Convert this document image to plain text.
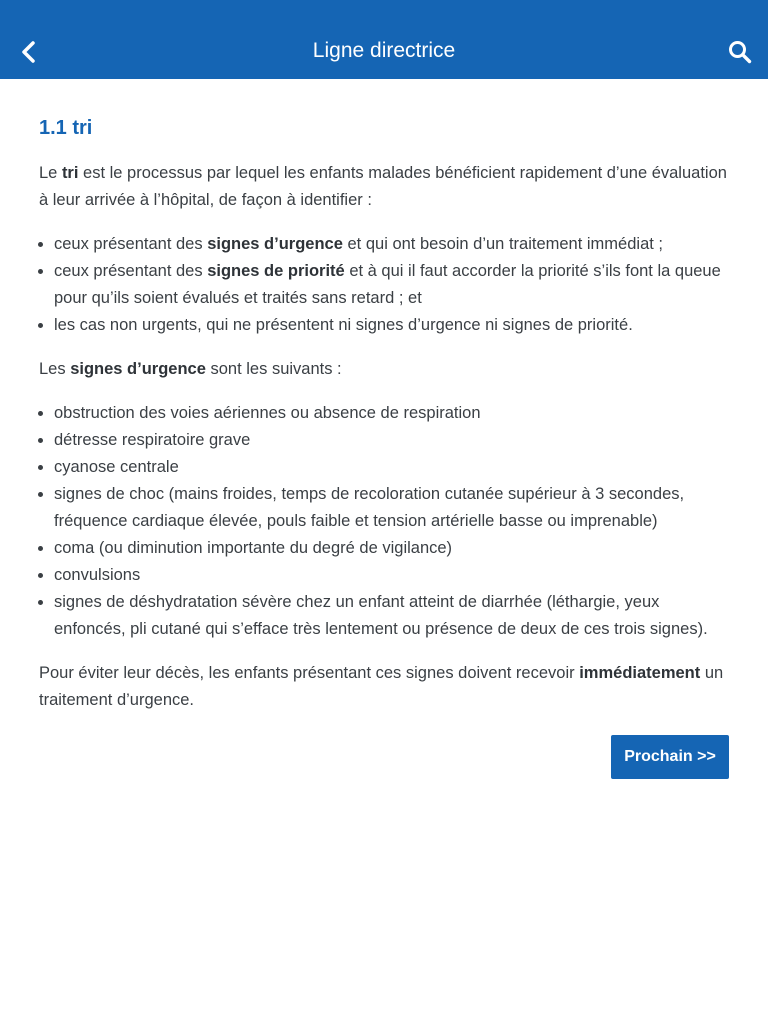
Ligne directrice
1.1 tri

Le tri est le processus par lequel les enfants malades bénéficient rapidement d’une évaluation à leur arrivée à l’hôpital, de façon à identifier :

• ceux présentant des signes d’urgence et qui ont besoin d’un traitement immédiat ;
• ceux présentant des signes de priorité et à qui il faut accorder la priorité s’ils font la queue pour qu’ils soient évalués et traités sans retard ; et
• les cas non urgents, qui ne présentent ni signes d’urgence ni signes de priorité.

Les signes d’urgence sont les suivants :

• obstruction des voies aériennes ou absence de respiration
• détresse respiratoire grave
• cyanose centrale
• signes de choc (mains froides, temps de recoloration cutanée supérieur à 3 secondes, fréquence cardiaque élevée, pouls faible et tension artérielle basse ou imprenable)
• coma (ou diminution importante du degré de vigilance)
• convulsions
• signes de déshydratation sévère chez un enfant atteint de diarrhée (léthargie, yeux enfoncés, pli cutané qui s’efface très lentement ou présence de deux de ces trois signes).

Pour éviter leur décès, les enfants présentant ces signes doivent recevoir immédiatement un traitement d’urgence.

Prochain >>
